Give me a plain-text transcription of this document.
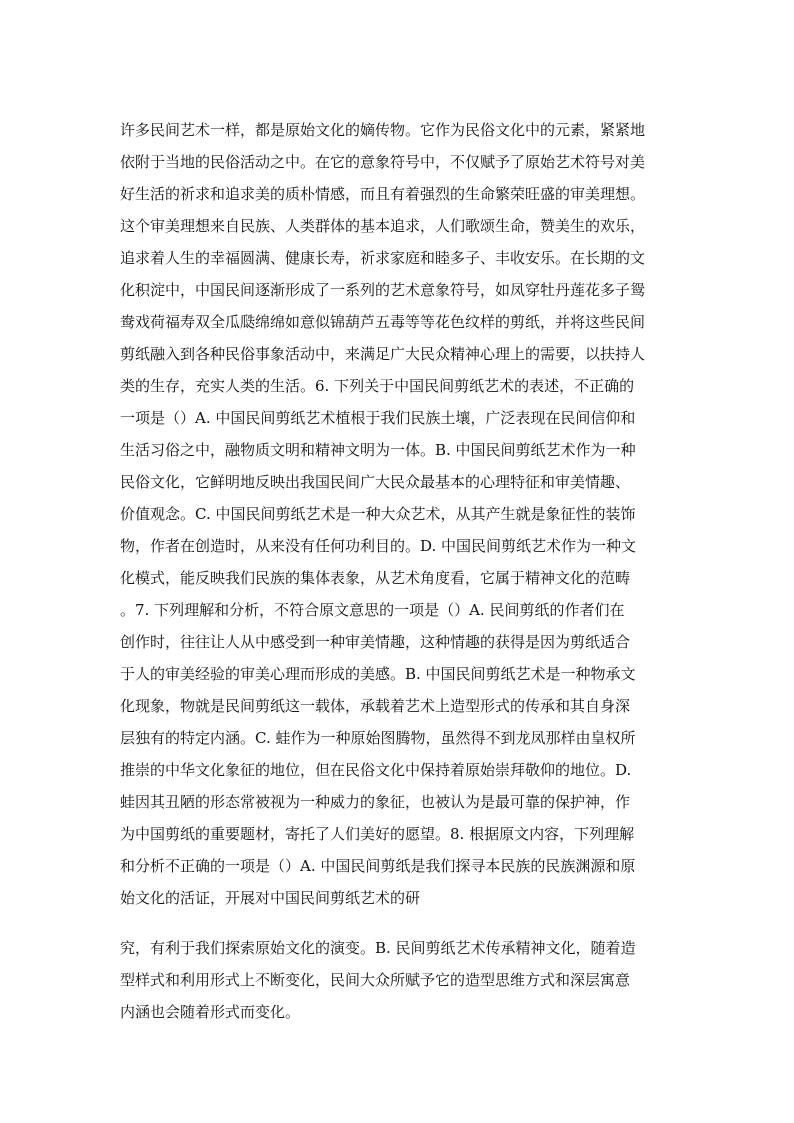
许多民间艺术一样，都是原始文化的嫡传物。它作为民俗文化中的元素，紧紧地
依附于当地的民俗活动之中。在它的意象符号中，不仅赋予了原始艺术符号对美
好生活的祈求和追求美的质朴情感，而且有着强烈的生命繁荣旺盛的审美理想。
这个审美理想来自民族、人类群体的基本追求，人们歌颂生命，赞美生的欢乐，
追求着人生的幸福圆满、健康长寿，祈求家庭和睦多子、丰收安乐。在长期的文
化积淀中，中国民间逐渐形成了一系列的艺术意象符号，如凤穿牡丹莲花多子鸳
鸯戏荷福寿双全瓜瓞绵绵如意似锦葫芦五毒等等花色纹样的剪纸，并将这些民间
剪纸融入到各种民俗事象活动中，来满足广大民众精神心理上的需要，以扶持人
类的生存，充实人类的生活。6. 下列关于中国民间剪纸艺术的表述，不正确的
一项是（）A. 中国民间剪纸艺术植根于我们民族土壤，广泛表现在民间信仰和
生活习俗之中，融物质文明和精神文明为一体。B. 中国民间剪纸艺术作为一种
民俗文化，它鲜明地反映出我国民间广大民众最基本的心理特征和审美情趣、
价值观念。C. 中国民间剪纸艺术是一种大众艺术，从其产生就是象征性的装饰
物，作者在创造时，从来没有任何功利目的。D. 中国民间剪纸艺术作为一种文
化模式，能反映我们民族的集体表象，从艺术角度看，它属于精神文化的范畴
。7. 下列理解和分析，不符合原文意思的一项是（）A. 民间剪纸的作者们在
创作时，往往让人从中感受到一种审美情趣，这种情趣的获得是因为剪纸适合
于人的审美经验的审美心理而形成的美感。B. 中国民间剪纸艺术是一种物承文
化现象，物就是民间剪纸这一载体，承载着艺术上造型形式的传承和其自身深
层独有的特定内涵。C. 蛙作为一种原始图腾物，虽然得不到龙凤那样由皇权所
推崇的中华文化象征的地位，但在民俗文化中保持着原始崇拜敬仰的地位。D.
蛙因其丑陋的形态常被视为一种威力的象征，也被认为是最可靠的保护神，作
为中国剪纸的重要题材，寄托了人们美好的愿望。8. 根据原文内容，下列理解
和分析不正确的一项是（）A. 中国民间剪纸是我们探寻本民族的民族渊源和原
始文化的活证，开展对中国民间剪纸艺术的研
究，有利于我们探索原始文化的演变。B. 民间剪纸艺术传承精神文化，随着造
型样式和利用形式上不断变化，民间大众所赋予它的造型思维方式和深层寓意
内涵也会随着形式而变化。
